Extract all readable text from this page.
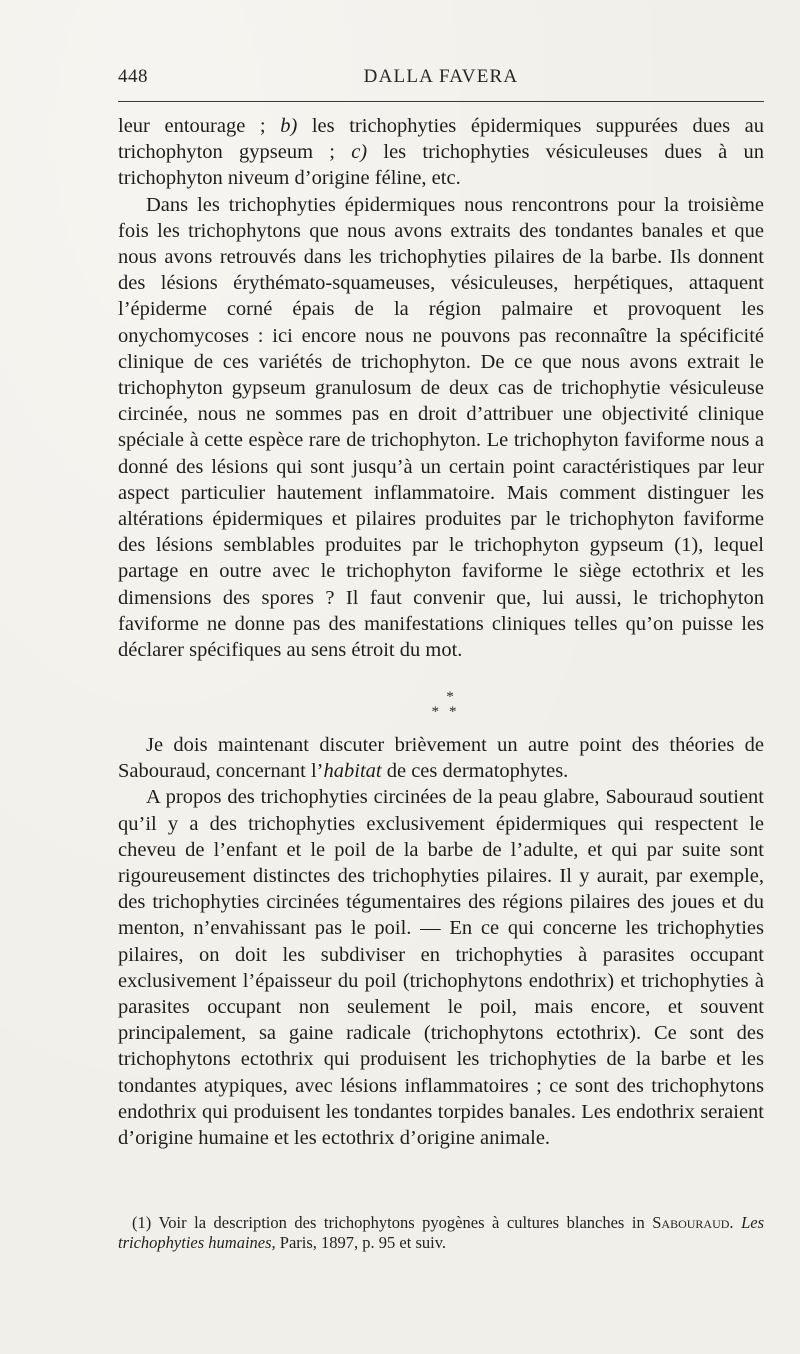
448	DALLA FAVERA

leur entourage ; b) les trichophyties épidermiques suppurées dues au trichophyton gypseum ; c) les trichophyties vésiculeuses dues à un trichophyton niveum d’origine féline, etc.

Dans les trichophyties épidermiques nous rencontrons pour la troisième fois les trichophytons que nous avons extraits des tondantes banales et que nous avons retrouvés dans les trichophyties pilaires de la barbe. Ils donnent des lésions érythémato-squameuses, vésiculeuses, herpétiques, attaquent l’épiderme corné épais de la région palmaire et provoquent les onychomycoses : ici encore nous ne pouvons pas reconnaître la spécificité clinique de ces variétés de trichophyton. De ce que nous avons extrait le trichophyton gypseum granulosum de deux cas de trichophytie vésiculeuse circinée, nous ne sommes pas en droit d’attribuer une objectivité clinique spéciale à cette espèce rare de trichophyton. Le trichophyton faviforme nous a donné des lésions qui sont jusqu’à un certain point caractéristiques par leur aspect particulier hautement inflammatoire. Mais comment distinguer les altérations épidermiques et pilaires produites par le trichophyton faviforme des lésions semblables produites par le trichophyton gypseum (1), lequel partage en outre avec le trichophyton faviforme le siège ectothrix et les dimensions des spores ? Il faut convenir que, lui aussi, le trichophyton faviforme ne donne pas des manifestations cliniques telles qu’on puisse les déclarer spécifiques au sens étroit du mot.

*
**

Je dois maintenant discuter brièvement un autre point des théories de Sabouraud, concernant l’habitat de ces dermatophytes.

A propos des trichophyties circinées de la peau glabre, Sabouraud soutient qu’il y a des trichophyties exclusivement épidermiques qui respectent le cheveu de l’enfant et le poil de la barbe de l’adulte, et qui par suite sont rigoureusement distinctes des trichophyties pilaires. Il y aurait, par exemple, des trichophyties circinées tégumentaires des régions pilaires des joues et du menton, n’envahissant pas le poil. — En ce qui concerne les trichophyties pilaires, on doit les subdiviser en trichophyties à parasites occupant exclusivement l’épaisseur du poil (trichophytons endothrix) et trichophyties à parasites occupant non seulement le poil, mais encore, et souvent principalement, sa gaine radicale (trichophytons ectothrix). Ce sont des trichophytons ectothrix qui produisent les trichophyties de la barbe et les tondantes atypiques, avec lésions inflammatoires ; ce sont des trichophytons endothrix qui produisent les tondantes torpides banales. Les endothrix seraient d’origine humaine et les ectothrix d’origine animale.

(1) Voir la description des trichophytons pyogènes à cultures blanches in Sabouraud. Les trichophyties humaines, Paris, 1897, p. 95 et suiv.
